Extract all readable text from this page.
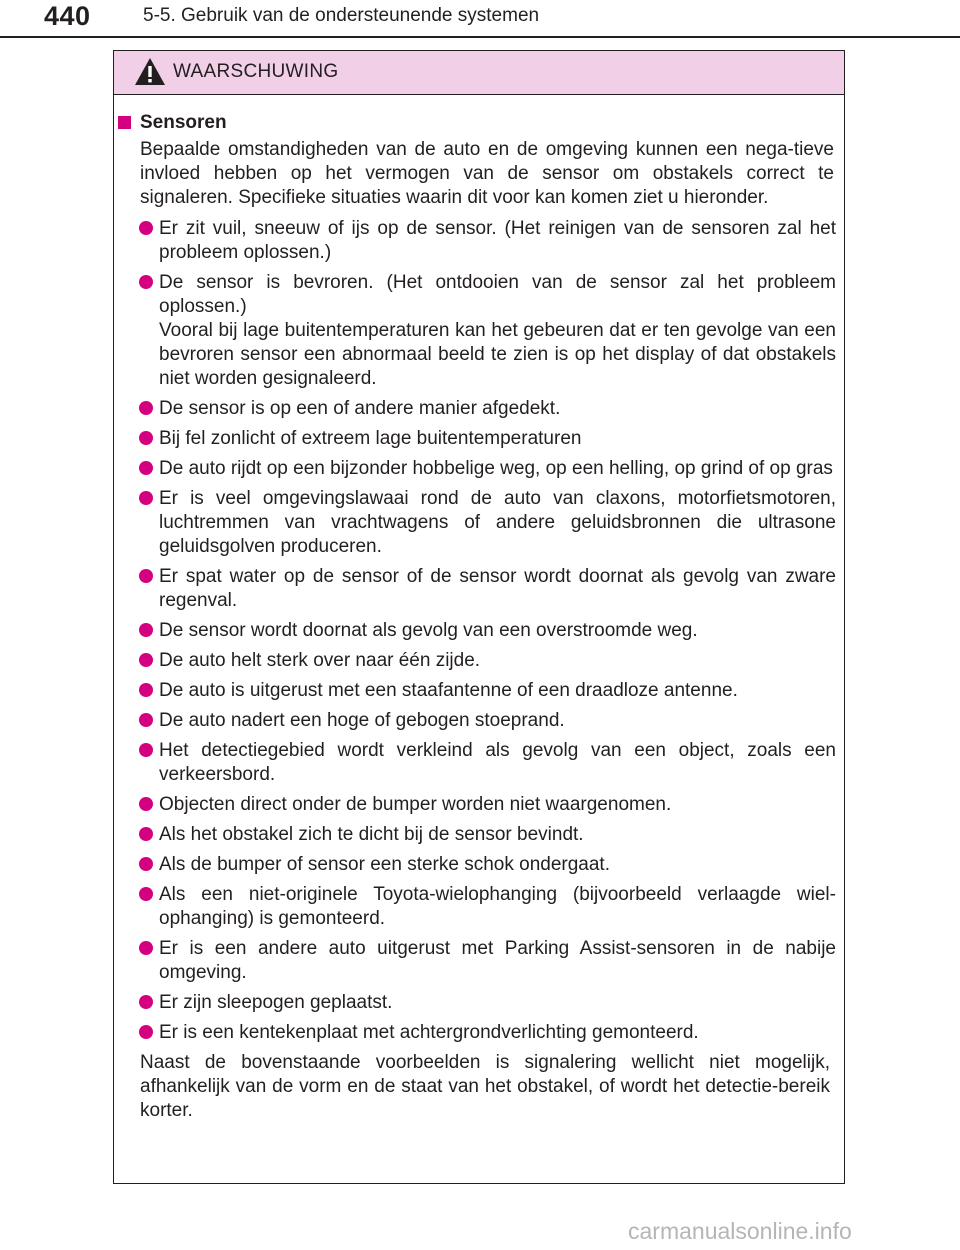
440	5-5. Gebruik van de ondersteunende systemen
WAARSCHUWING
Sensoren
Bepaalde omstandigheden van de auto en de omgeving kunnen een nega-tieve invloed hebben op het vermogen van de sensor om obstakels correct te signaleren. Specifieke situaties waarin dit voor kan komen ziet u hieronder.
Er zit vuil, sneeuw of ijs op de sensor. (Het reinigen van de sensoren zal het probleem oplossen.)
De sensor is bevroren. (Het ontdooien van de sensor zal het probleem oplossen.)
Vooral bij lage buitentemperaturen kan het gebeuren dat er ten gevolge van een bevroren sensor een abnormaal beeld te zien is op het display of dat obstakels niet worden gesignaleerd.
De sensor is op een of andere manier afgedekt.
Bij fel zonlicht of extreem lage buitentemperaturen
De auto rijdt op een bijzonder hobbelige weg, op een helling, op grind of op gras
Er is veel omgevingslawaai rond de auto van claxons, motorfietsmotoren, luchtremmen van vrachtwagens of andere geluidsbronnen die ultrasone geluidsgolven produceren.
Er spat water op de sensor of de sensor wordt doornat als gevolg van zware regenval.
De sensor wordt doornat als gevolg van een overstroomde weg.
De auto helt sterk over naar één zijde.
De auto is uitgerust met een staafantenne of een draadloze antenne.
De auto nadert een hoge of gebogen stoeprand.
Het detectiegebied wordt verkleind als gevolg van een object, zoals een verkeersbord.
Objecten direct onder de bumper worden niet waargenomen.
Als het obstakel zich te dicht bij de sensor bevindt.
Als de bumper of sensor een sterke schok ondergaat.
Als een niet-originele Toyota-wielophanging (bijvoorbeeld verlaagde wiel-ophanging) is gemonteerd.
Er is een andere auto uitgerust met Parking Assist-sensoren in de nabije omgeving.
Er zijn sleepogen geplaatst.
Er is een kentekenplaat met achtergrondverlichting gemonteerd.
Naast de bovenstaande voorbeelden is signalering wellicht niet mogelijk, afhankelijk van de vorm en de staat van het obstakel, of wordt het detectie-bereik korter.
carmanualsonline.info
